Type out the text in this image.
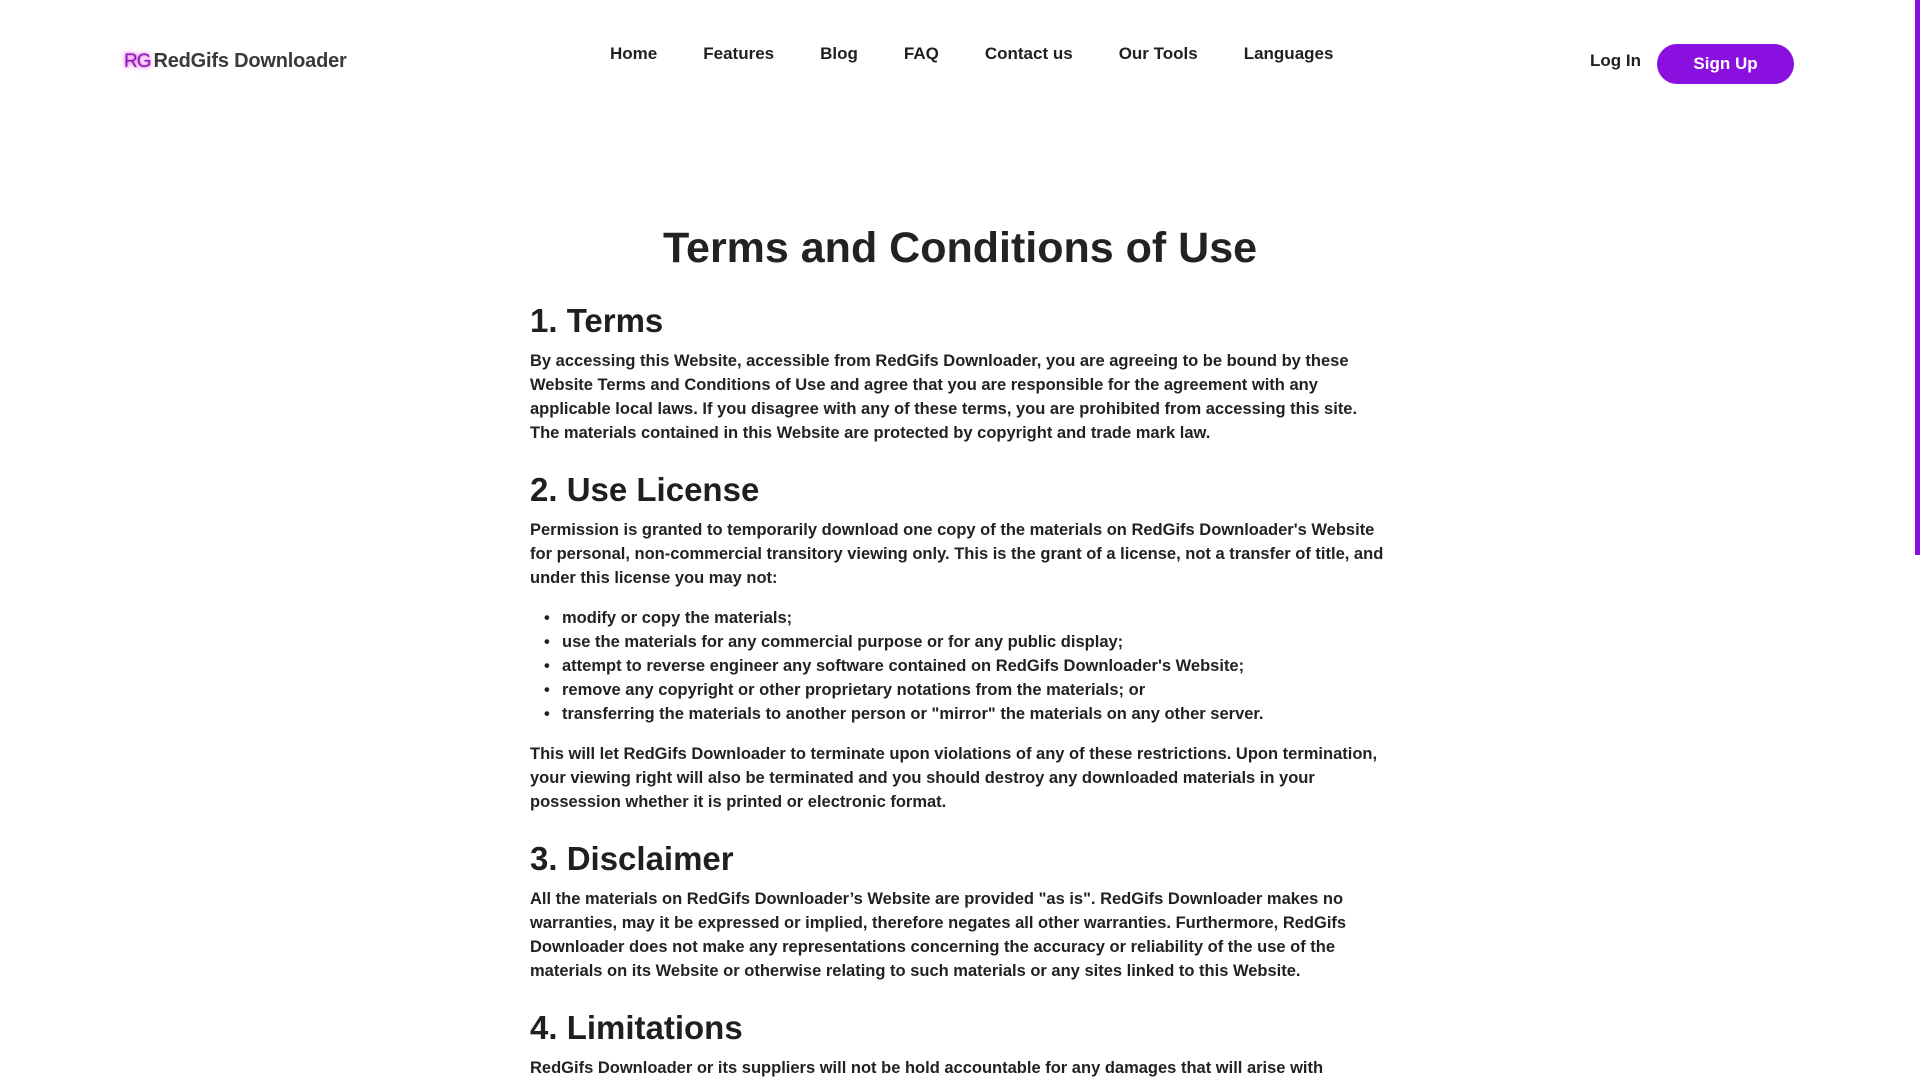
RG RedGifs Downloader	Home	Features	Blog	FAQ	Contact us	Our Tools	Languages	Log In	Sign Up
Terms and Conditions of Use
1. Terms

By accessing this Website, accessible from RedGifs Downloader, you are agreeing to be bound by these Website Terms and Conditions of Use and agree that you are responsible for the agreement with any applicable local laws. If you disagree with any of these terms, you are prohibited from accessing this site. The materials contained in this Website are protected by copyright and trade mark law.

2. Use License

Permission is granted to temporarily download one copy of the materials on RedGifs Downloader's Website for personal, non-commercial transitory viewing only. This is the grant of a license, not a transfer of title, and under this license you may not:

• modify or copy the materials;
• use the materials for any commercial purpose or for any public display;
• attempt to reverse engineer any software contained on RedGifs Downloader's Website;
• remove any copyright or other proprietary notations from the materials; or
• transferring the materials to another person or "mirror" the materials on any other server.

This will let RedGifs Downloader to terminate upon violations of any of these restrictions. Upon termination, your viewing right will also be terminated and you should destroy any downloaded materials in your possession whether it is printed or electronic format.

3. Disclaimer

All the materials on RedGifs Downloader’s Website are provided "as is". RedGifs Downloader makes no warranties, may it be expressed or implied, therefore negates all other warranties. Furthermore, RedGifs Downloader does not make any representations concerning the accuracy or reliability of the use of the materials on its Website or otherwise relating to such materials or any sites linked to this Website.

4. Limitations

RedGifs Downloader or its suppliers will not be hold accountable for any damages that will arise with
